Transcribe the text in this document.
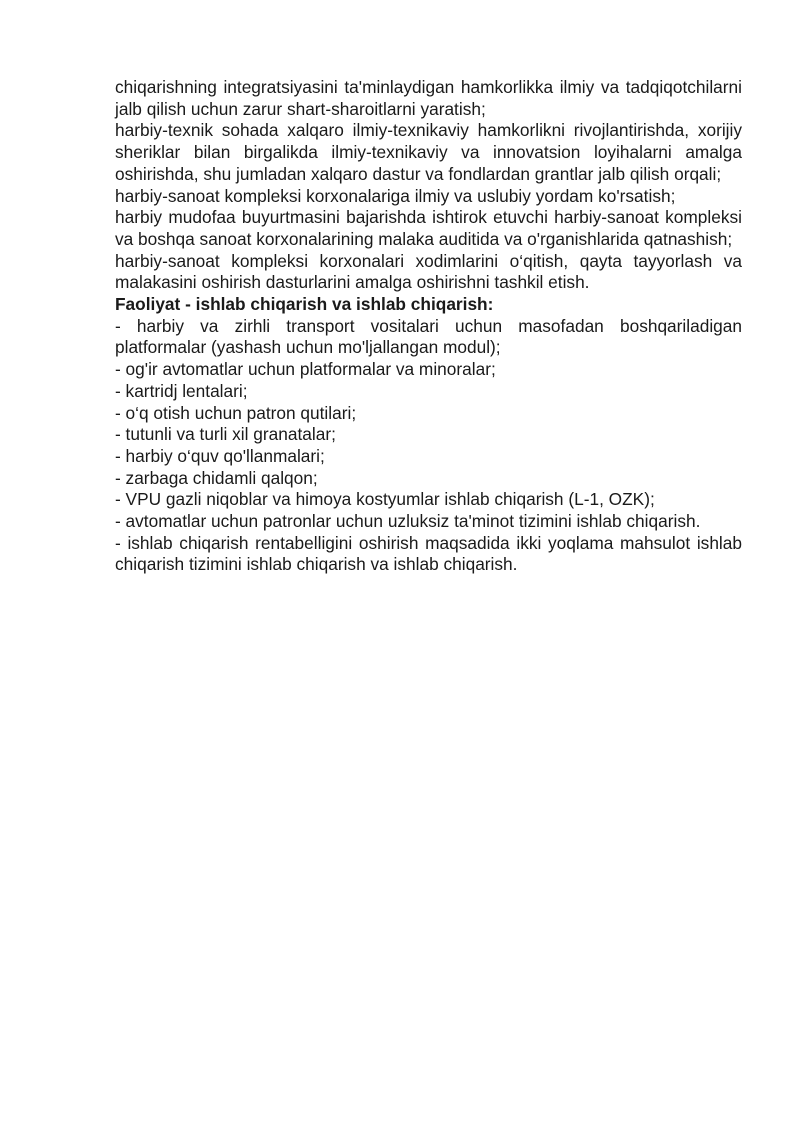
chiqarishning integratsiyasini ta'minlaydigan hamkorlikka ilmiy va tadqiqotchilarni jalb qilish uchun zarur shart-sharoitlarni yaratish;

harbiy-texnik sohada xalqaro ilmiy-texnikaviy hamkorlikni rivojlantirishda, xorijiy sheriklar bilan birgalikda ilmiy-texnikaviy va innovatsion loyihalarni amalga oshirishda, shu jumladan xalqaro dastur va fondlardan grantlar jalb qilish orqali;

harbiy-sanoat kompleksi korxonalariga ilmiy va uslubiy yordam ko'rsatish;

harbiy mudofaa buyurtmasini bajarishda ishtirok etuvchi harbiy-sanoat kompleksi va boshqa sanoat korxonalarining malaka auditida va o'rganishlarida qatnashish;

harbiy-sanoat kompleksi korxonalari xodimlarini o‘qitish, qayta tayyorlash va malakasini oshirish dasturlarini amalga oshirishni tashkil etish.

Faoliyat - ishlab chiqarish va ishlab chiqarish:

- harbiy va zirhli transport vositalari uchun masofadan boshqariladigan platformalar (yashash uchun mo'ljallangan modul);
- og'ir avtomatlar uchun platformalar va minoralar;
- kartridj lentalari;
- o‘q otish uchun patron qutilari;
- tutunli va turli xil granatalar;
- harbiy o‘quv qo'llanmalari;
- zarbaga chidamli qalqon;
- VPU gazli niqoblar va himoya kostyumlar ishlab chiqarish (L-1, OZK);
- avtomatlar uchun patronlar uchun uzluksiz ta'minot tizimini ishlab chiqarish.
- ishlab chiqarish rentabelligini oshirish maqsadida ikki yoqlama mahsulot ishlab chiqarish tizimini ishlab chiqarish va ishlab chiqarish.
